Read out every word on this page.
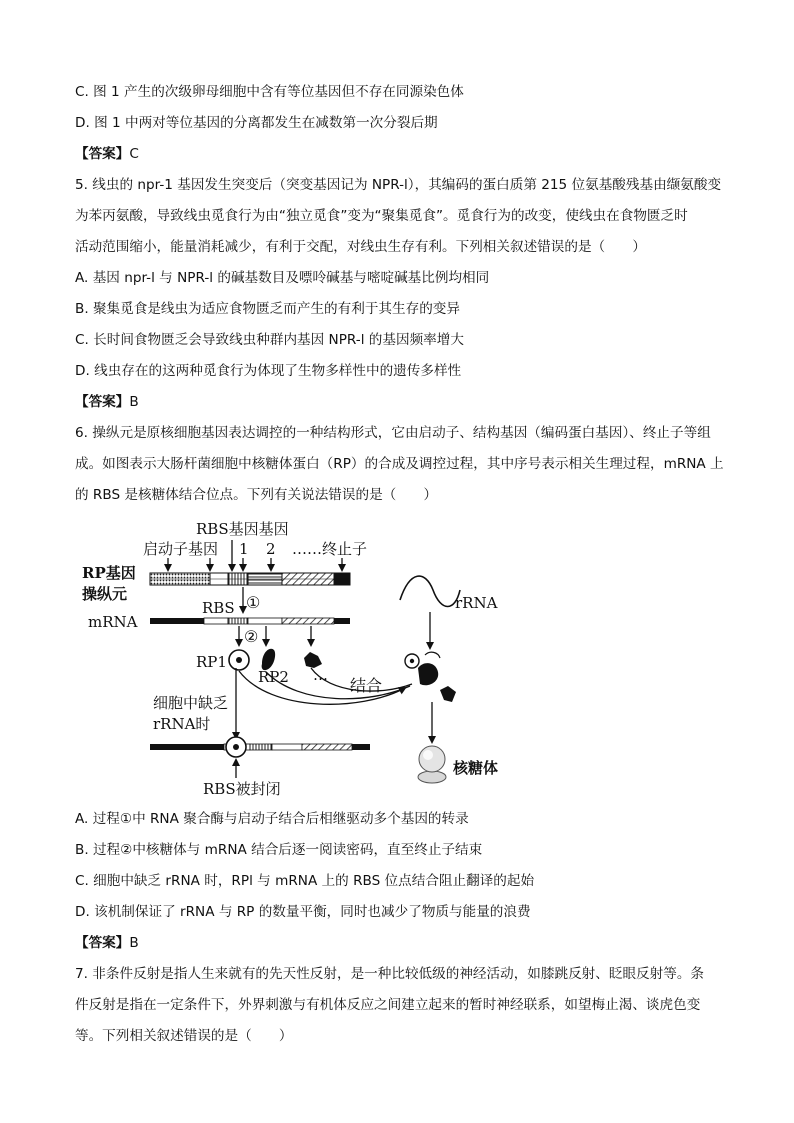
C. 图 1 产生的次级卵母细胞中含有等位基因但不存在同源染色体
D. 图 1 中两对等位基因的分离都发生在减数第一次分裂后期
【答案】C
5. 线虫的 npr-1 基因发生突变后（突变基因记为 NPR-l），其编码的蛋白质第 215 位氨基酸残基由缬氨酸变
为苯丙氨酸，导致线虫觅食行为由“独立觅食”变为“聚集觅食”。觅食行为的改变，使线虫在食物匮乏时
活动范围缩小，能量消耗减少，有利于交配，对线虫生存有利。下列相关叙述错误的是（　　）
A. 基因 npr-l 与 NPR-l 的碱基数目及嘌呤碱基与嘧啶碱基比例均相同
B. 聚集觅食是线虫为适应食物匮乏而产生的有利于其生存的变异
C. 长时间食物匮乏会导致线虫种群内基因 NPR-l 的基因频率增大
D. 线虫存在的这两种觅食行为体现了生物多样性中的遗传多样性
【答案】B
6. 操纵元是原核细胞基因表达调控的一种结构形式，它由启动子、结构基因（编码蛋白基因）、终止子等组
成。如图表示大肠杆菌细胞中核糖体蛋白（RP）的合成及调控过程，其中序号表示相关生理过程，mRNA 上
的 RBS 是核糖体结合位点。下列有关说法错误的是（　　）
RBS基因基因
1 2
启动子基因	……终止子
RP基因
操纵元	①
RBS
mRNA
②
RP1
RP2 …
结合
rRNA
核糖体
细胞中缺乏
rRNA时
RBS被封闭
A. 过程①中 RNA 聚合酶与启动子结合后相继驱动多个基因的转录
B. 过程②中核糖体与 mRNA 结合后逐一阅读密码，直至终止子结束
C. 细胞中缺乏 rRNA 时，RPl 与 mRNA 上的 RBS 位点结合阻止翻译的起始
D. 该机制保证了 rRNA 与 RP 的数量平衡，同时也减少了物质与能量的浪费
【答案】B
7. 非条件反射是指人生来就有的先天性反射，是一种比较低级的神经活动，如膝跳反射、眨眼反射等。条
件反射是指在一定条件下，外界刺激与有机体反应之间建立起来的暂时神经联系，如望梅止渴、谈虎色变
等。下列相关叙述错误的是（　　）
